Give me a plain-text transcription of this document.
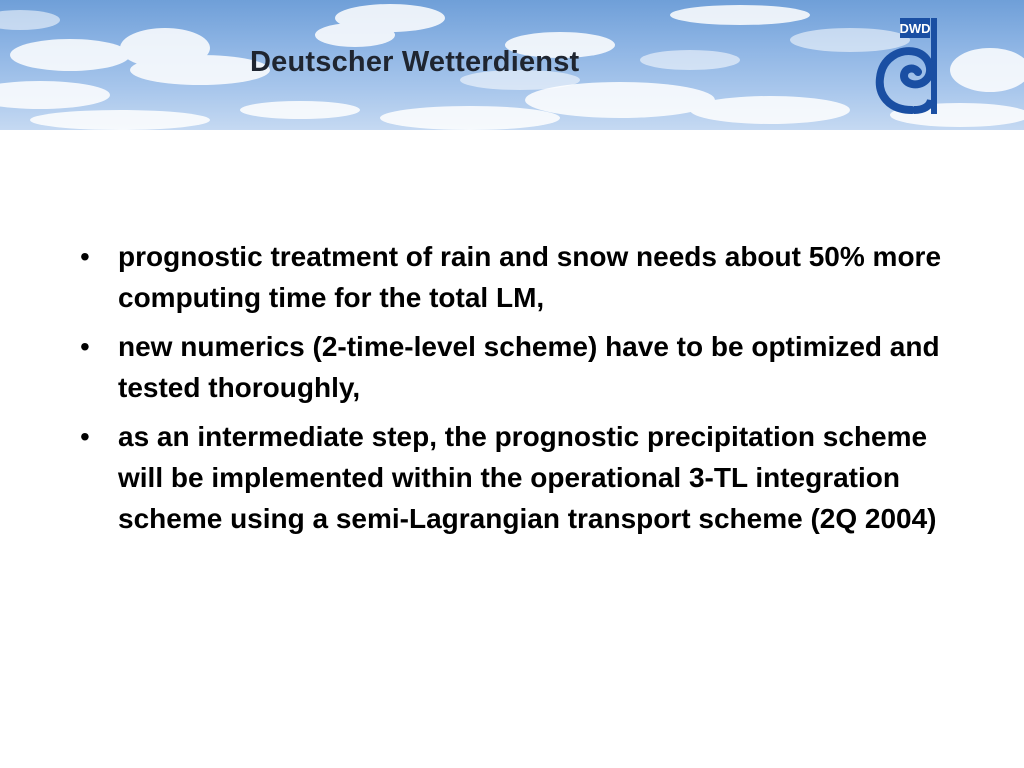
Deutscher Wetterdienst
DWD
• prognostic treatment of rain and snow needs about 50% more computing time for the total LM,
• new numerics (2-time-level scheme) have to be optimized and tested thoroughly,
• as an intermediate step, the prognostic precipitation scheme will be implemented within the operational 3-TL integration scheme using a semi-Lagrangian transport scheme (2Q 2004)
